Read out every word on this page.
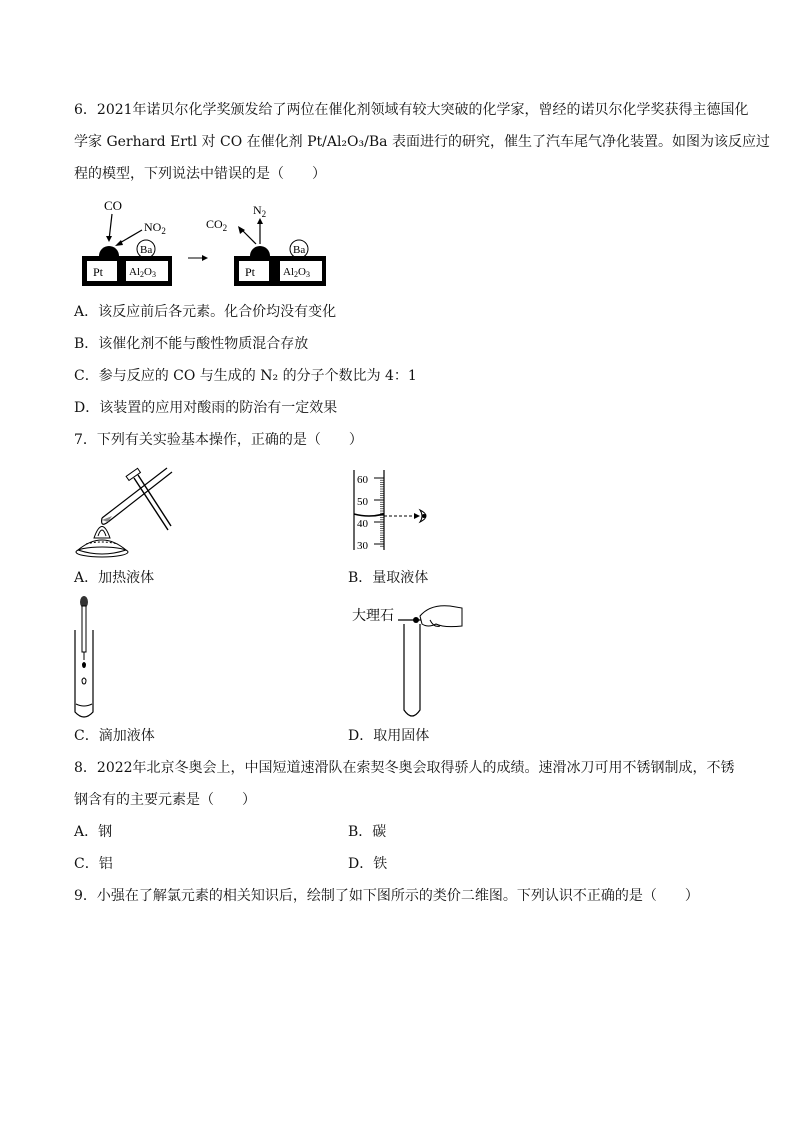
6．2021年诺贝尔化学奖颁发给了两位在催化剂领域有较大突破的化学家，曾经的诺贝尔化学奖获得主德国化
学家 Gerhard Ertl 对 CO 在催化剂 Pt/Al₂O₃/Ba 表面进行的研究，催生了汽车尾气净化装置。如图为该反应过
程的模型，下列说法中错误的是（　　）
CO
$NO_2$
Ba
Pt Al2O3
$CO_2$
$N_2$
Ba
Pt	Al2O3
A．该反应前后各元素。化合价均没有变化
B．该催化剂不能与酸性物质混合存放
C．参与反应的 CO 与生成的 N₂ 的分子个数比为 4：1
D．该装置的应用对酸雨的防治有一定效果
7．下列有关实验基本操作，正确的是（　　）
A．加热液体
60
50
40
30
B．量取液体
C．滴加液体
大理石
D．取用固体
8．2022年北京冬奥会上，中国短道速滑队在索契冬奥会取得骄人的成绩。速滑冰刀可用不锈钢制成，不锈
钢含有的主要元素是（　　）
A．钢	B．碳
C．铝	D．铁
9．小强在了解氯元素的相关知识后，绘制了如下图所示的类价二维图。下列认识不正确的是（　　）
